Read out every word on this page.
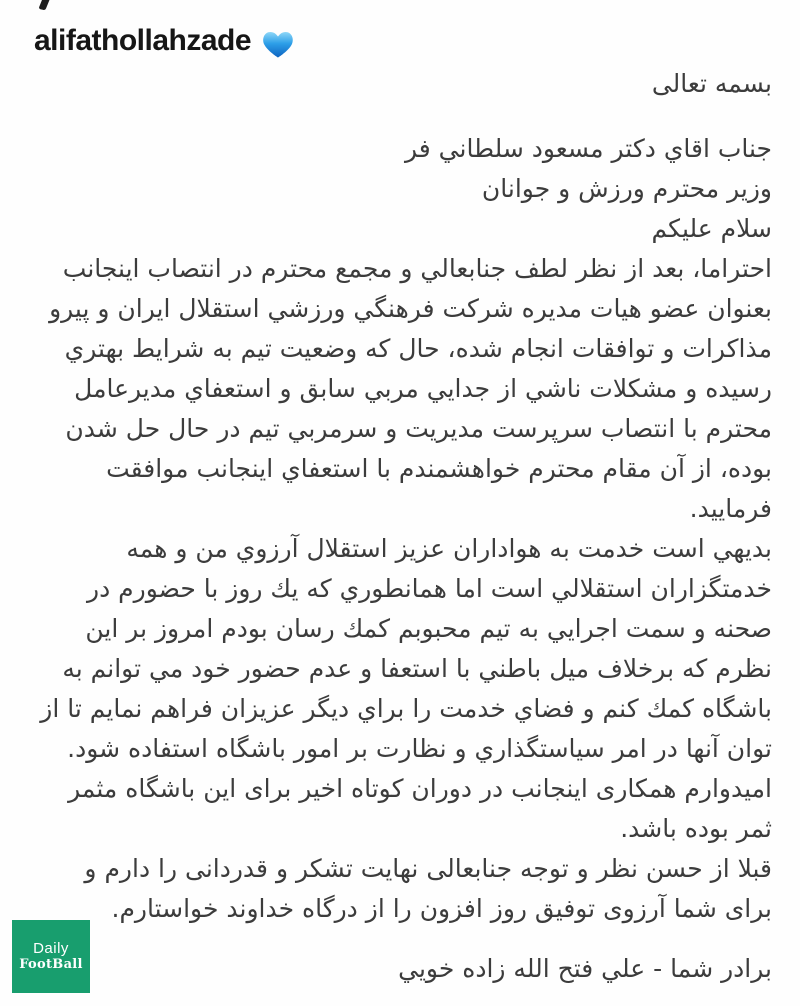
alifathollahzade
بسمه تعالی
جناب اقاي دكتر مسعود سلطاني فر
وزير محترم ورزش و جوانان
سلام عليكم
احتراما، بعد از نظر لطف جنابعالي و مجمع محترم در انتصاب اينجانب
بعنوان عضو هيات مديره شركت فرهنگي ورزشي استقلال ايران و پيرو
مذاكرات و توافقات انجام شده، حال كه وضعيت تيم به شرايط بهتري
رسيده و مشكلات ناشي از جدايي مربي سابق و استعفاي مديرعامل
محترم با انتصاب سرپرست مديريت و سرمربي تيم در حال حل شدن
بوده، از آن مقام محترم خواهشمندم با استعفاي اينجانب موافقت
فرماييد.
بديهي است خدمت به هواداران عزيز استقلال آرزوي من و همه
خدمتگزاران استقلالي است اما همانطوري كه يك روز با حضورم در
صحنه و سمت اجرايي به تيم محبوبم كمك رسان بودم امروز بر اين
نظرم كه برخلاف ميل باطني با استعفا و عدم حضور خود مي توانم به
باشگاه كمك كنم و فضاي خدمت را براي ديگر عزيزان فراهم نمايم تا از
توان آنها در امر سياستگذاري و نظارت بر امور باشگاه استفاده شود.
اميدوارم همكاری اينجانب در دوران كوتاه اخير برای اين باشگاه مثمر
ثمر بوده باشد.
قبلا از حسن نظر و توجه جنابعالی نهايت تشكر و قدردانی را دارم و
برای شما آرزوی توفيق روز افزون را از درگاه خداوند خواستارم.
برادر شما - علي فتح الله زاده خويي
Daily
FootBall
